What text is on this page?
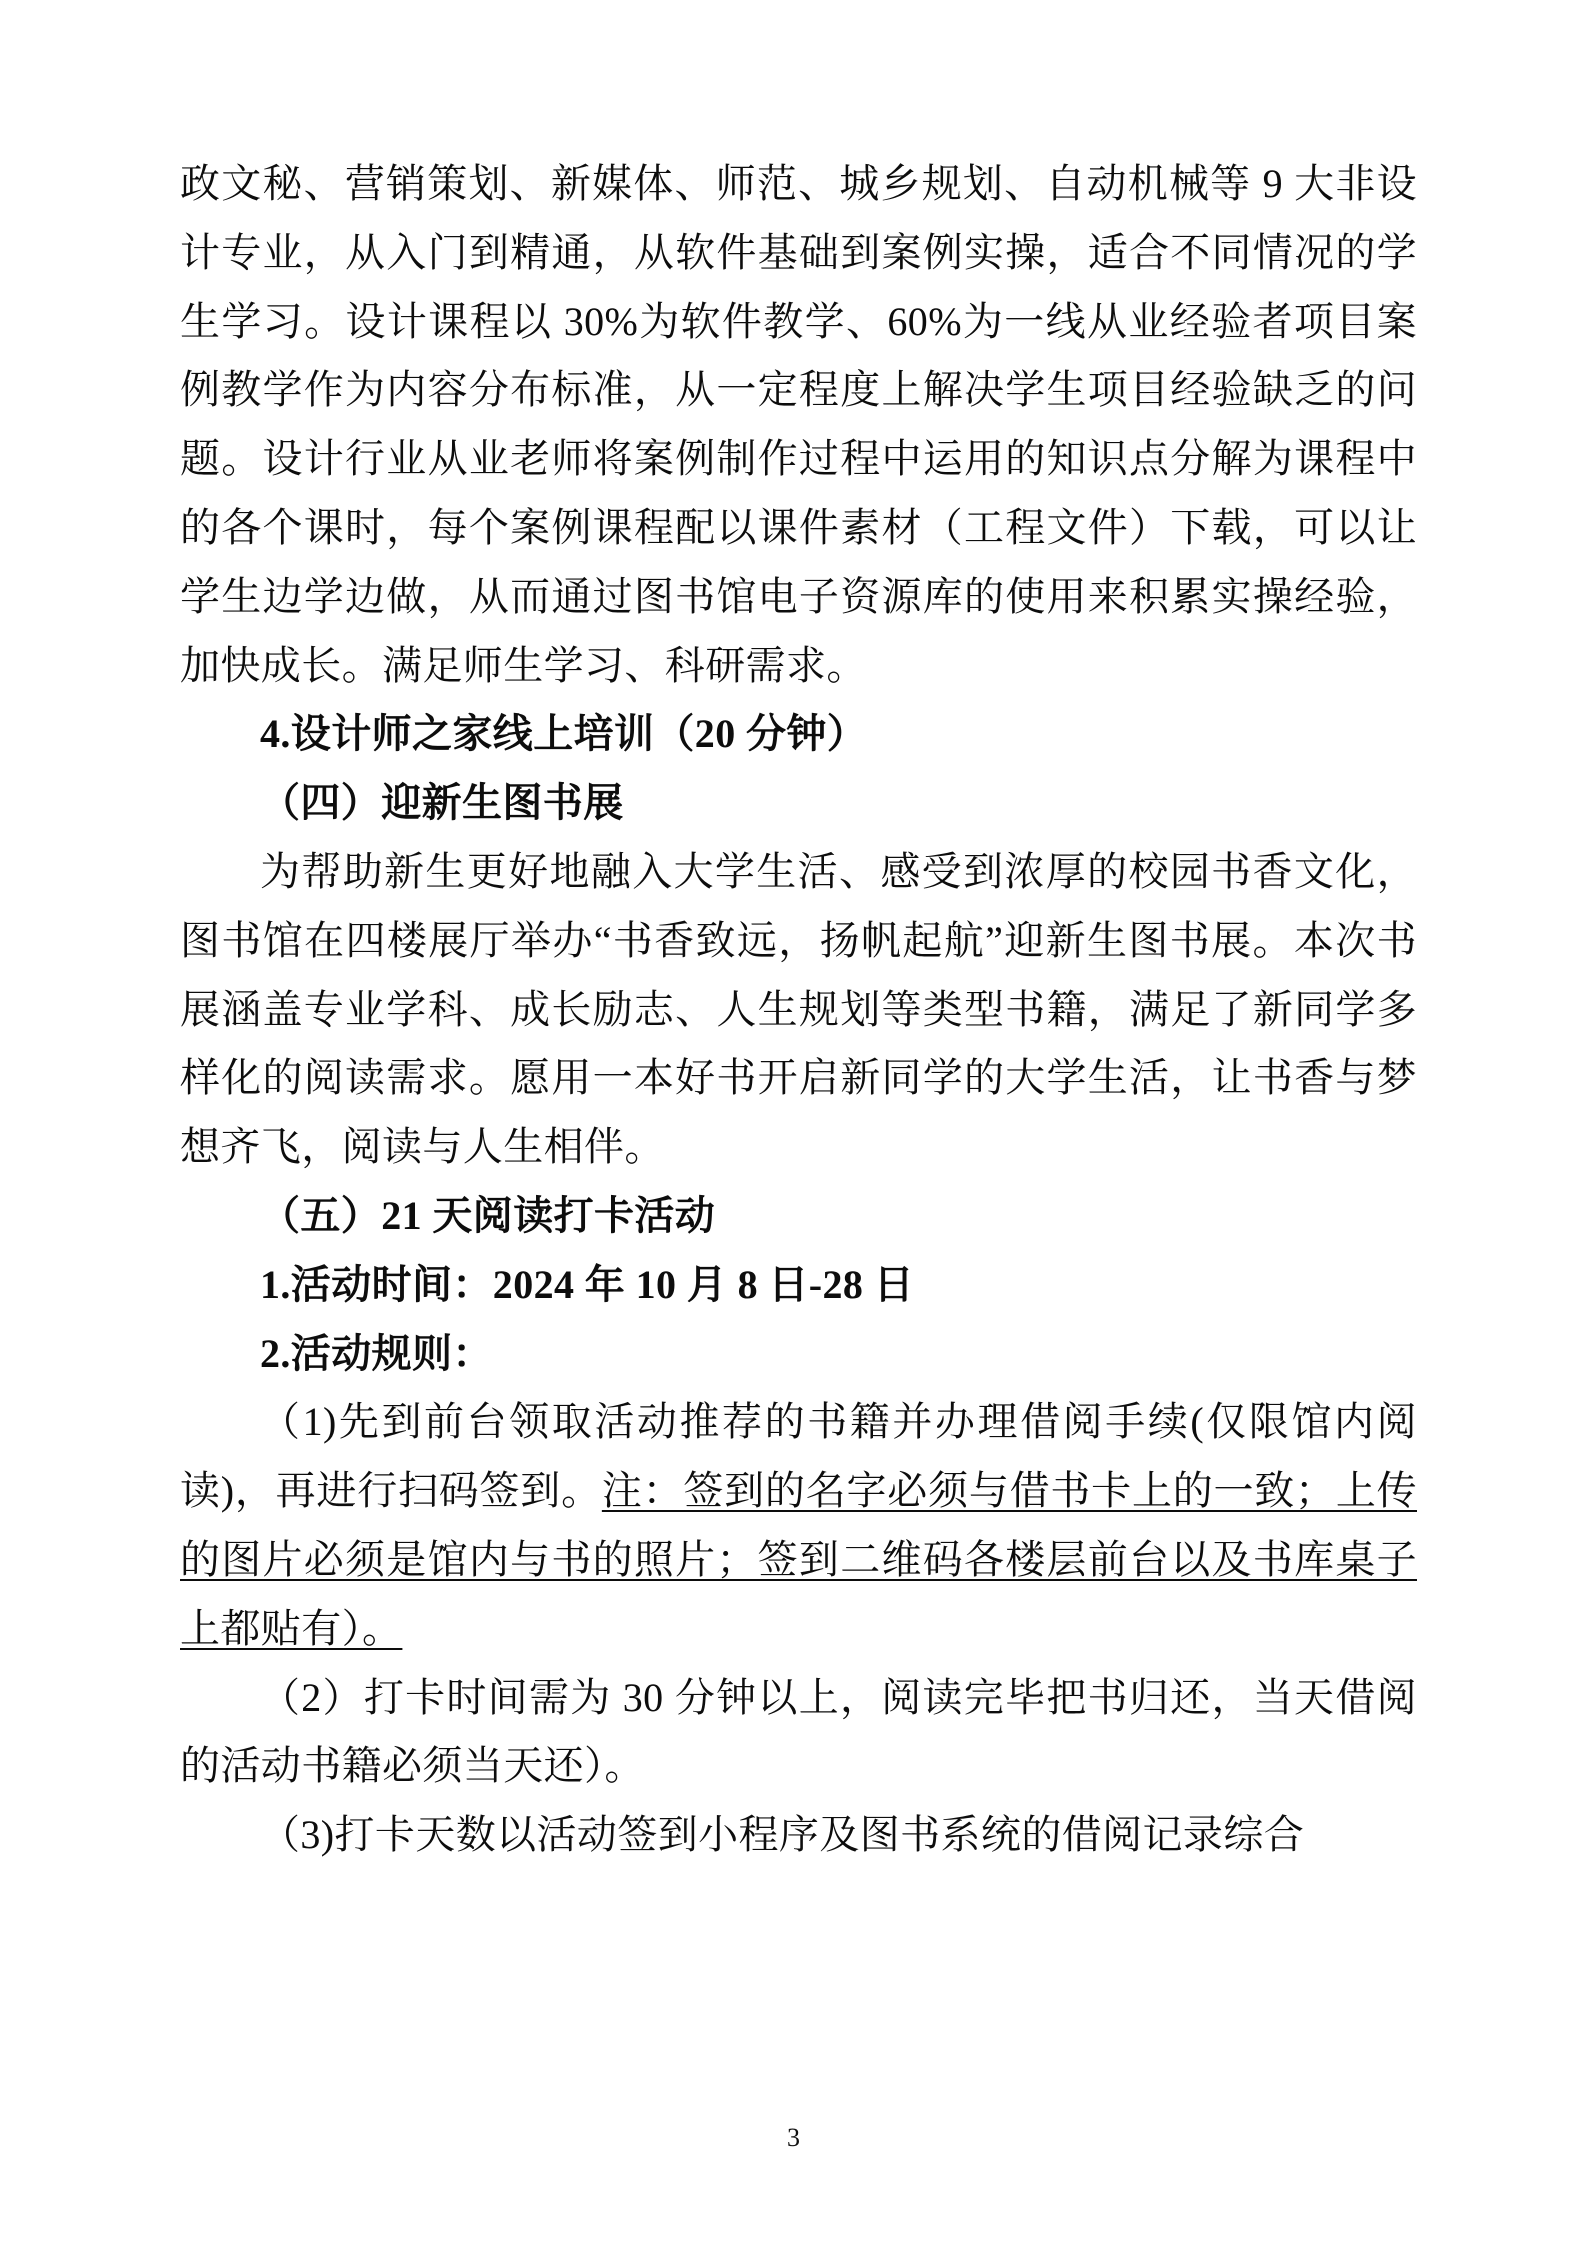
政文秘、营销策划、新媒体、师范、城乡规划、自动机械等 9 大非设计专业，从入门到精通，从软件基础到案例实操，适合不同情况的学生学习。设计课程以 30%为软件教学、60%为一线从业经验者项目案例教学作为内容分布标准，从一定程度上解决学生项目经验缺乏的问题。设计行业从业老师将案例制作过程中运用的知识点分解为课程中的各个课时，每个案例课程配以课件素材（工程文件）下载，可以让学生边学边做，从而通过图书馆电子资源库的使用来积累实操经验，加快成长。满足师生学习、科研需求。

4.设计师之家线上培训（20 分钟）

（四）迎新生图书展

为帮助新生更好地融入大学生活、感受到浓厚的校园书香文化，图书馆在四楼展厅举办“书香致远，扬帆起航”迎新生图书展。本次书展涵盖专业学科、成长励志、人生规划等类型书籍，满足了新同学多样化的阅读需求。愿用一本好书开启新同学的大学生活，让书香与梦想齐飞，阅读与人生相伴。

（五）21 天阅读打卡活动

1.活动时间：2024 年 10 月 8 日-28 日

2.活动规则：

（1)先到前台领取活动推荐的书籍并办理借阅手续(仅限馆内阅读)，再进行扫码签到。注：签到的名字必须与借书卡上的一致；上传的图片必须是馆内与书的照片；签到二维码各楼层前台以及书库桌子上都贴有）。

（2）打卡时间需为 30 分钟以上，阅读完毕把书归还，当天借阅的活动书籍必须当天还）。

（3)打卡天数以活动签到小程序及图书系统的借阅记录综合

3
